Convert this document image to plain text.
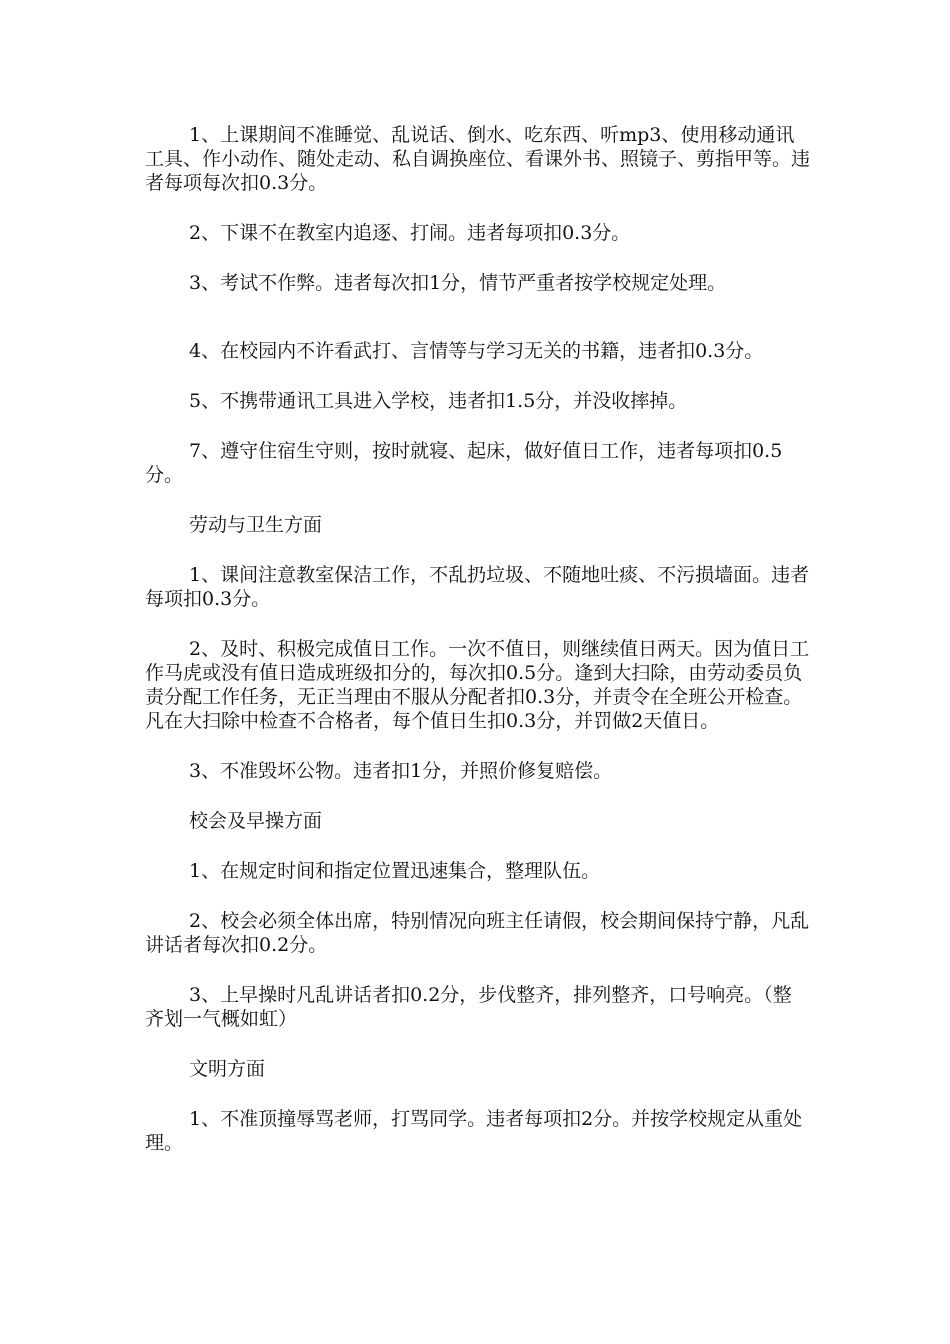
1、上课期间不准睡觉、乱说话、倒水、吃东西、听mp3、使用移动通讯工具、作小动作、随处走动、私自调换座位、看课外书、照镜子、剪指甲等。违者每项每次扣0.3分。

2、下课不在教室内追逐、打闹。违者每项扣0.3分。

3、考试不作弊。违者每次扣1分，情节严重者按学校规定处理。

4、在校园内不许看武打、言情等与学习无关的书籍，违者扣0.3分。

5、不携带通讯工具进入学校，违者扣1.5分，并没收摔掉。

7、遵守住宿生守则，按时就寝、起床，做好值日工作，违者每项扣0.5分。

劳动与卫生方面

1、课间注意教室保洁工作，不乱扔垃圾、不随地吐痰、不污损墙面。违者每项扣0.3分。

2、及时、积极完成值日工作。一次不值日，则继续值日两天。因为值日工作马虎或没有值日造成班级扣分的，每次扣0.5分。逢到大扫除，由劳动委员负责分配工作任务，无正当理由不服从分配者扣0.3分，并责令在全班公开检查。凡在大扫除中检查不合格者，每个值日生扣0.3分，并罚做2天值日。

3、不准毁坏公物。违者扣1分，并照价修复赔偿。

校会及早操方面

1、在规定时间和指定位置迅速集合，整理队伍。

2、校会必须全体出席，特别情况向班主任请假，校会期间保持宁静，凡乱讲话者每次扣0.2分。

3、上早操时凡乱讲话者扣0.2分，步伐整齐，排列整齐，口号响亮。（整齐划一气概如虹）

文明方面

1、不准顶撞辱骂老师，打骂同学。违者每项扣2分。并按学校规定从重处理。
